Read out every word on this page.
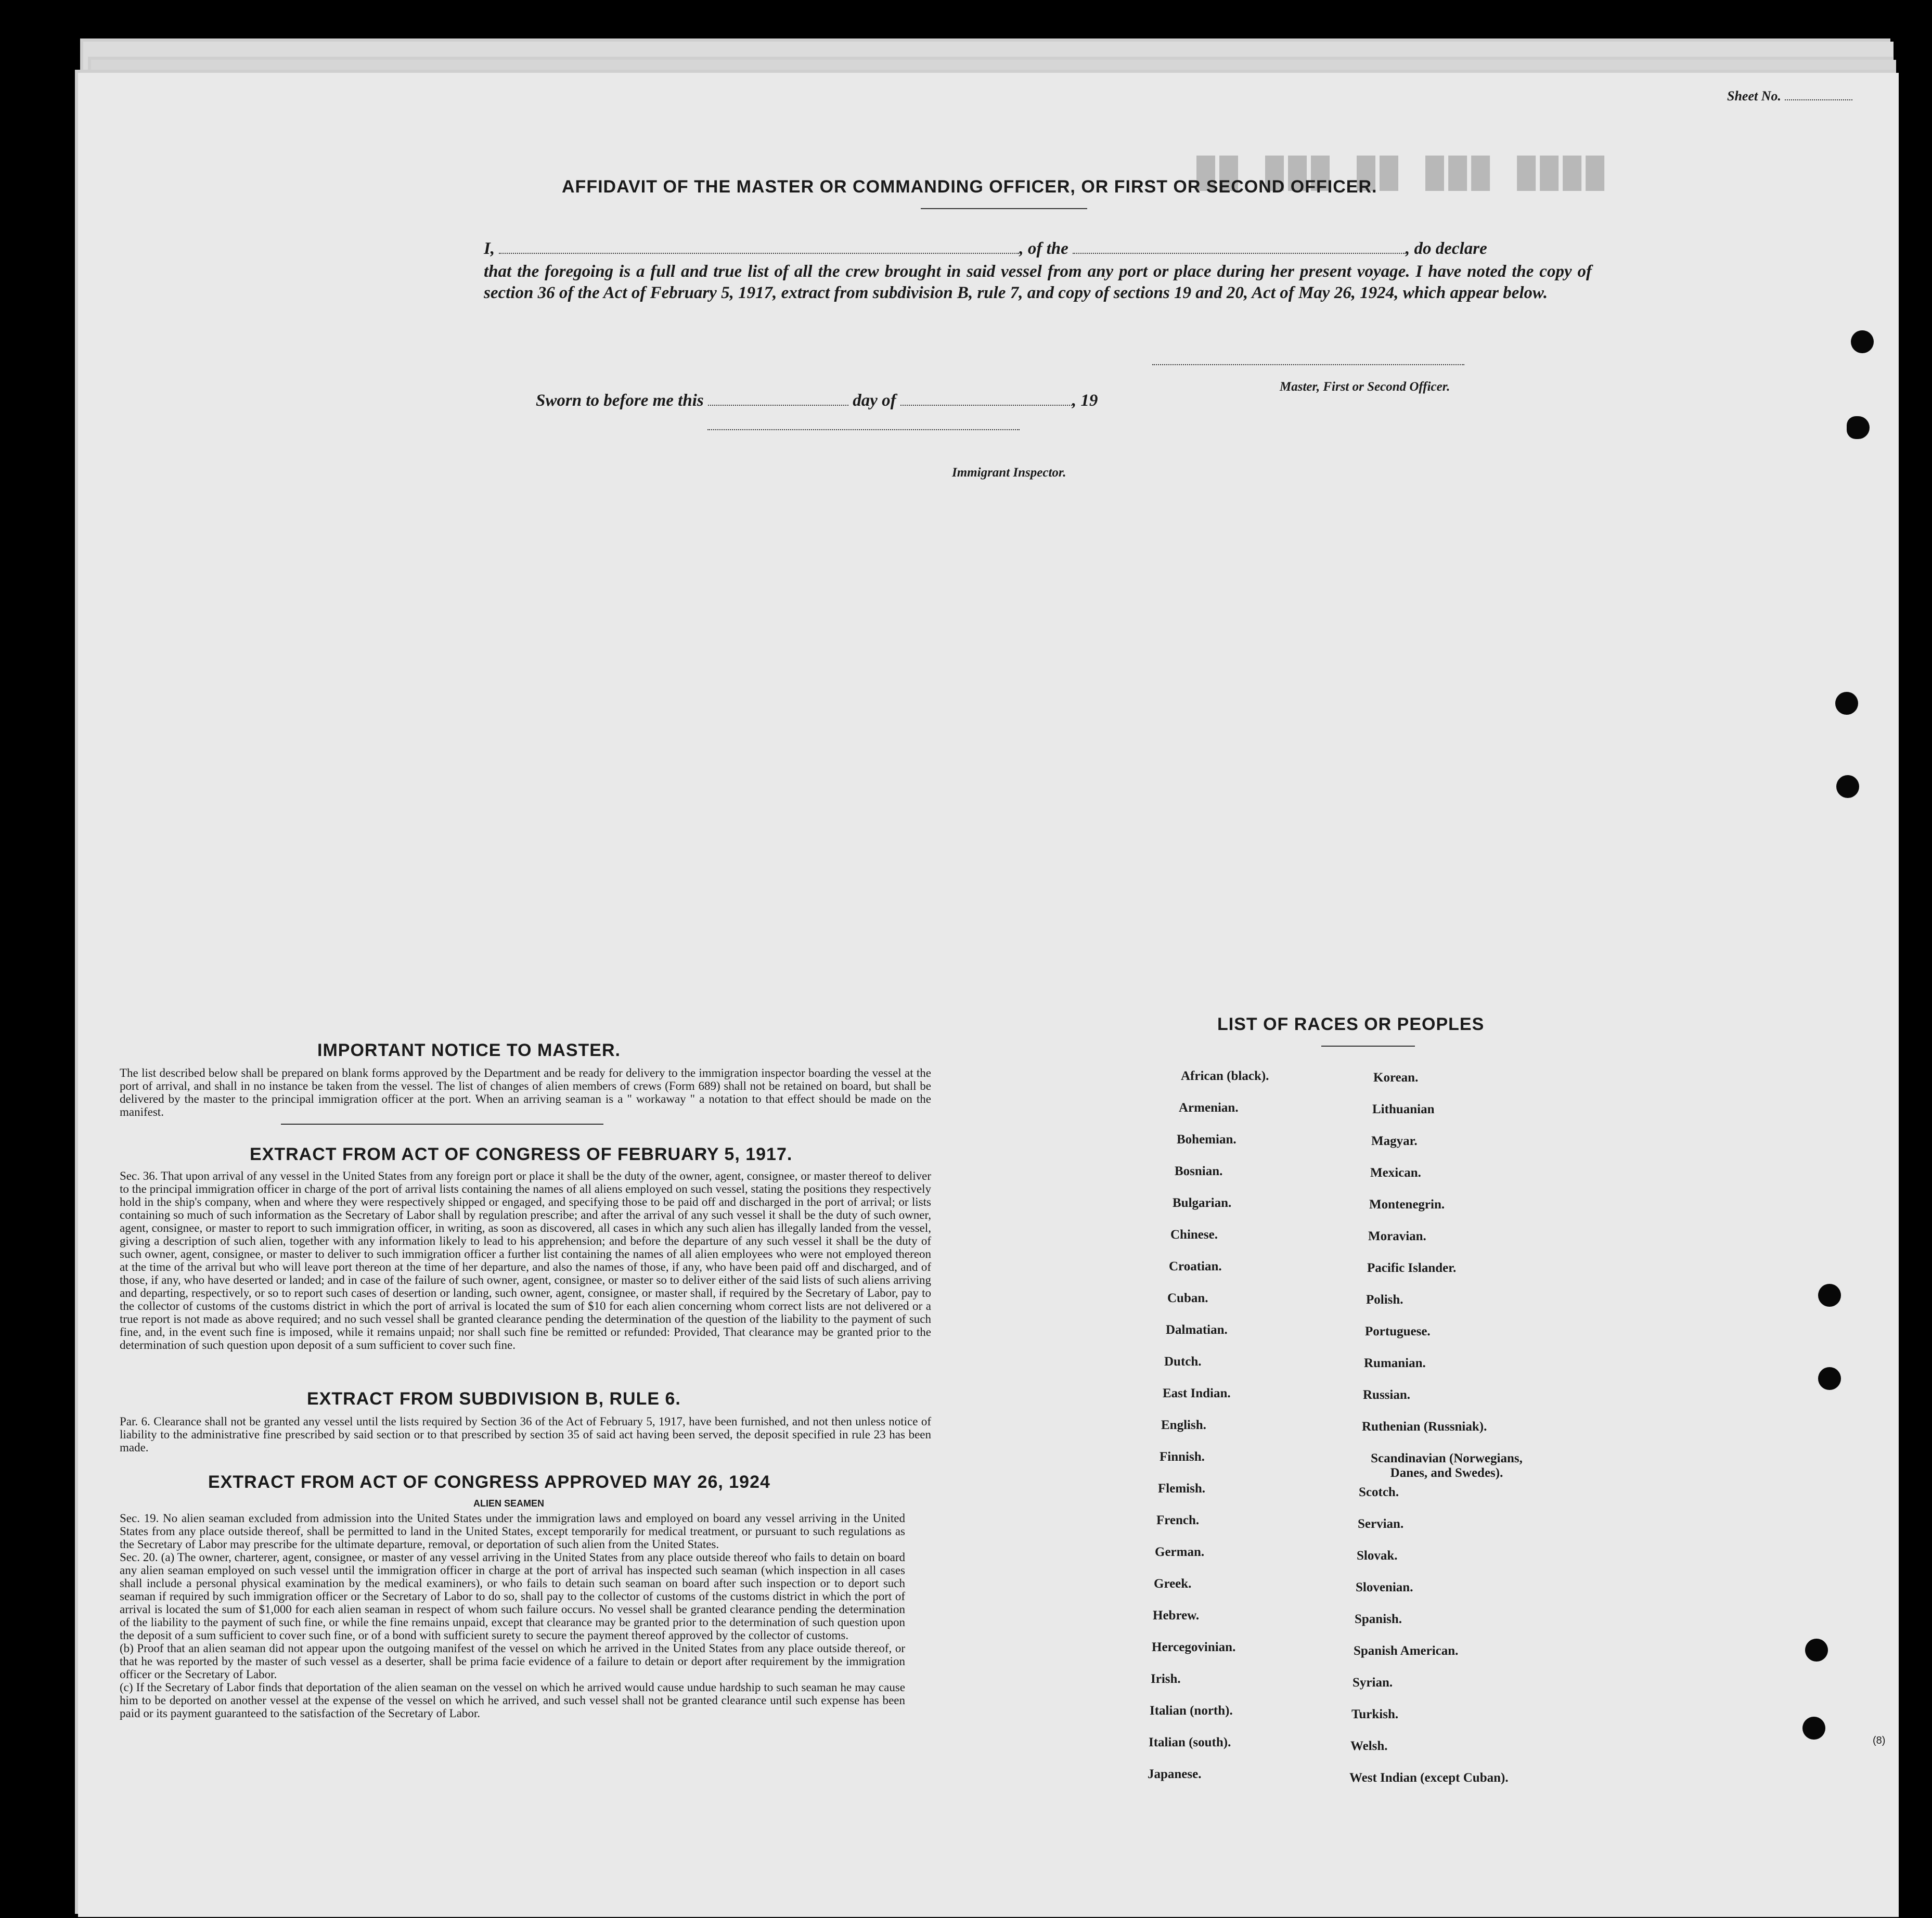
Sheet No.
██ ███ ██ ███ ████
AFFIDAVIT OF THE MASTER OR COMMANDING OFFICER, OR FIRST OR SECOND OFFICER.
I,	, of the	, do declare
that the foregoing is a full and true list of all the crew brought in said vessel from any port or place during her present voyage. I have noted the copy of section 36 of the Act of February 5, 1917, extract from subdivision B, rule 7, and copy of sections 19 and 20, Act of May 26, 1924, which appear below.
Master, First or Second Officer.
Sworn to before me this	day of	, 19
Immigrant Inspector.
IMPORTANT NOTICE TO MASTER.
The list described below shall be prepared on blank forms approved by the Department and be ready for delivery to the immigration inspector boarding the vessel at the port of arrival, and shall in no instance be taken from the vessel. The list of changes of alien members of crews (Form 689) shall not be retained on board, but shall be delivered by the master to the principal immigration officer at the port. When an arriving seaman is a " workaway " a notation to that effect should be made on the manifest.
EXTRACT FROM ACT OF CONGRESS OF FEBRUARY 5, 1917.
Sec. 36. That upon arrival of any vessel in the United States from any foreign port or place it shall be the duty of the owner, agent, consignee, or master thereof to deliver to the principal immigration officer in charge of the port of arrival lists containing the names of all aliens employed on such vessel, stating the positions they respectively hold in the ship's company, when and where they were respectively shipped or engaged, and specifying those to be paid off and discharged in the port of arrival; or lists containing so much of such information as the Secretary of Labor shall by regulation prescribe; and after the arrival of any such vessel it shall be the duty of such owner, agent, consignee, or master to report to such immigration officer, in writing, as soon as discovered, all cases in which any such alien has illegally landed from the vessel, giving a description of such alien, together with any information likely to lead to his apprehension; and before the departure of any such vessel it shall be the duty of such owner, agent, consignee, or master to deliver to such immigration officer a further list containing the names of all alien employees who were not employed thereon at the time of the arrival but who will leave port thereon at the time of her departure, and also the names of those, if any, who have been paid off and discharged, and of those, if any, who have deserted or landed; and in case of the failure of such owner, agent, consignee, or master so to deliver either of the said lists of such aliens arriving and departing, respectively, or so to report such cases of desertion or landing, such owner, agent, consignee, or master shall, if required by the Secretary of Labor, pay to the collector of customs of the customs district in which the port of arrival is located the sum of $10 for each alien concerning whom correct lists are not delivered or a true report is not made as above required; and no such vessel shall be granted clearance pending the determination of the question of the liability to the payment of such fine, and, in the event such fine is imposed, while it remains unpaid; nor shall such fine be remitted or refunded: Provided, That clearance may be granted prior to the determination of such question upon deposit of a sum sufficient to cover such fine.
EXTRACT FROM SUBDIVISION B, RULE 6.
Par. 6. Clearance shall not be granted any vessel until the lists required by Section 36 of the Act of February 5, 1917, have been furnished, and not then unless notice of liability to the administrative fine prescribed by said section or to that prescribed by section 35 of said act having been served, the deposit specified in rule 23 has been made.
EXTRACT FROM ACT OF CONGRESS APPROVED MAY 26, 1924
ALIEN SEAMEN
Sec. 19. No alien seaman excluded from admission into the United States under the immigration laws and employed on board any vessel arriving in the United States from any place outside thereof, shall be permitted to land in the United States, except temporarily for medical treatment, or pursuant to such regulations as the Secretary of Labor may prescribe for the ultimate departure, removal, or deportation of such alien from the United States.
Sec. 20. (a) The owner, charterer, agent, consignee, or master of any vessel arriving in the United States from any place outside thereof who fails to detain on board any alien seaman employed on such vessel until the immigration officer in charge at the port of arrival has inspected such seaman (which inspection in all cases shall include a personal physical examination by the medical examiners), or who fails to detain such seaman on board after such inspection or to deport such seaman if required by such immigration officer or the Secretary of Labor to do so, shall pay to the collector of customs of the customs district in which the port of arrival is located the sum of $1,000 for each alien seaman in respect of whom such failure occurs. No vessel shall be granted clearance pending the determination of the liability to the payment of such fine, or while the fine remains unpaid, except that clearance may be granted prior to the determination of such question upon the deposit of a sum sufficient to cover such fine, or of a bond with sufficient surety to secure the payment thereof approved by the collector of customs.
(b) Proof that an alien seaman did not appear upon the outgoing manifest of the vessel on which he arrived in the United States from any place outside thereof, or that he was reported by the master of such vessel as a deserter, shall be prima facie evidence of a failure to detain or deport after requirement by the immigration officer or the Secretary of Labor.
(c) If the Secretary of Labor finds that deportation of the alien seaman on the vessel on which he arrived would cause undue hardship to such seaman he may cause him to be deported on another vessel at the expense of the vessel on which he arrived, and such vessel shall not be granted clearance until such expense has been paid or its payment guaranteed to the satisfaction of the Secretary of Labor.
LIST OF RACES OR PEOPLES
African (black).
Armenian.
Bohemian.
Bosnian.
Bulgarian.
Chinese.
Croatian.
Cuban.
Dalmatian.
Dutch.
East Indian.
English.
Finnish.
Flemish.
French.
German.
Greek.
Hebrew.
Hercegovinian.
Irish.
Italian (north).
Italian (south).
Japanese.
Korean.
Lithuanian
Magyar.
Mexican.
Montenegrin.
Moravian.
Pacific Islander.
Polish.
Portuguese.
Rumanian.
Russian.
Ruthenian (Russniak).
Scandinavian (Norwegians, Danes, and Swedes).
Scotch.
Servian.
Slovak.
Slovenian.
Spanish.
Spanish American.
Syrian.
Turkish.
Welsh.
West Indian (except Cuban).
(8)
